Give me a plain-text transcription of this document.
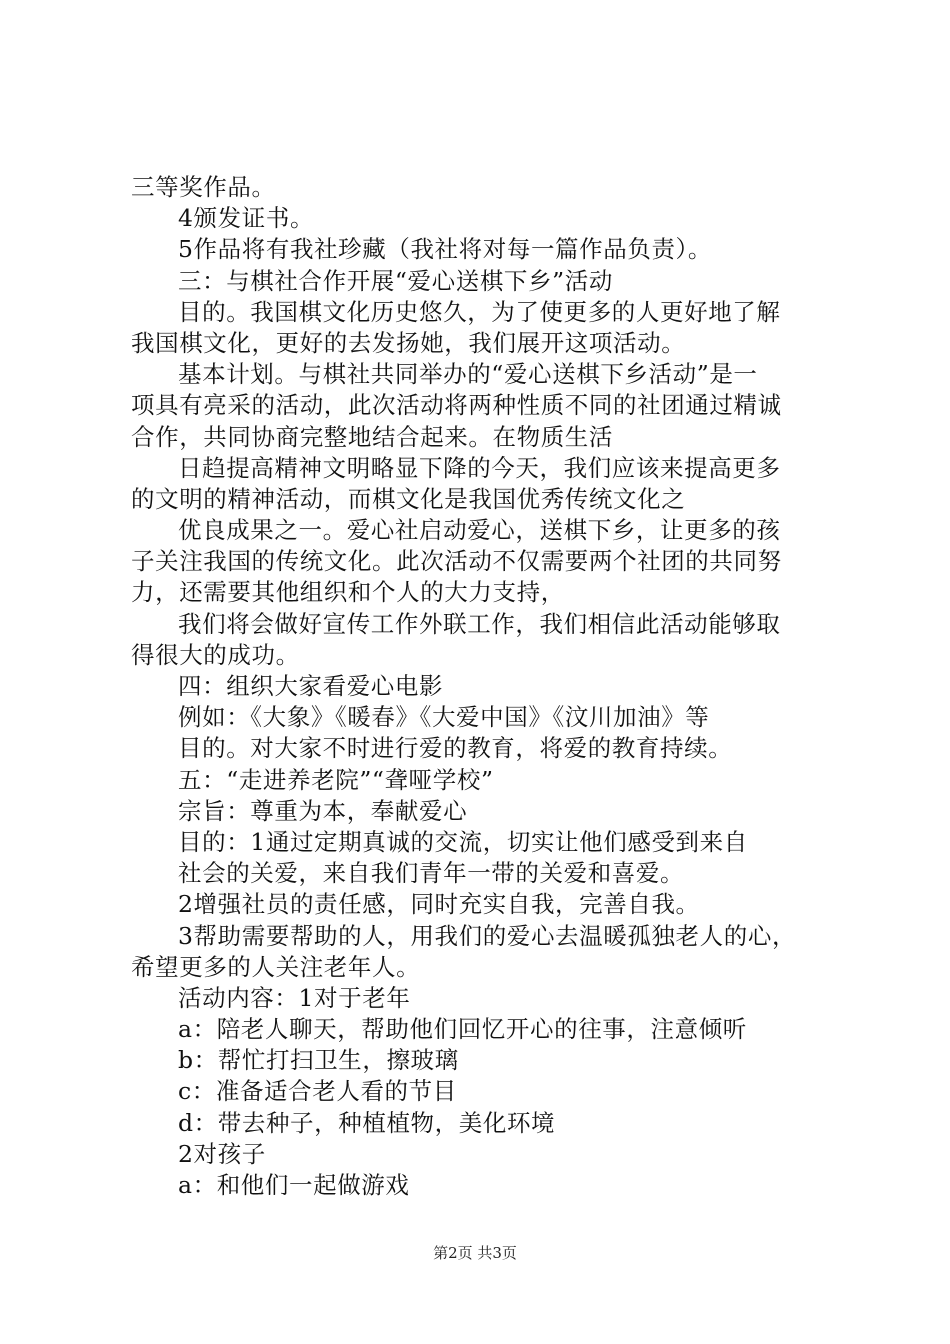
三等奖作品。
4颁发证书。
5作品将有我社珍藏（我社将对每一篇作品负责）。
三：与棋社合作开展“爱心送棋下乡”活动
目的。我国棋文化历史悠久，为了使更多的人更好地了解
我国棋文化，更好的去发扬她，我们展开这项活动。
基本计划。与棋社共同举办的“爱心送棋下乡活动”是一
项具有亮采的活动，此次活动将两种性质不同的社团通过精诚
合作，共同协商完整地结合起来。在物质生活
日趋提高精神文明略显下降的今天，我们应该来提高更多
的文明的精神活动，而棋文化是我国优秀传统文化之
优良成果之一。爱心社启动爱心，送棋下乡，让更多的孩
子关注我国的传统文化。此次活动不仅需要两个社团的共同努
力，还需要其他组织和个人的大力支持，
我们将会做好宣传工作外联工作，我们相信此活动能够取
得很大的成功。
四：组织大家看爱心电影
例如：《大象》《暖春》《大爱中国》《汶川加油》等
目的。对大家不时进行爱的教育，将爱的教育持续。
五：“走进养老院”“聋哑学校”
宗旨：尊重为本，奉献爱心
目的：1通过定期真诚的交流，切实让他们感受到来自
社会的关爱，来自我们青年一带的关爱和喜爱。
2增强社员的责任感，同时充实自我，完善自我。
3帮助需要帮助的人，用我们的爱心去温暖孤独老人的心，
希望更多的人关注老年人。
活动内容：1对于老年
a：陪老人聊天，帮助他们回忆开心的往事，注意倾听
b：帮忙打扫卫生，擦玻璃
c：准备适合老人看的节目
d：带去种子，种植植物，美化环境
2对孩子
a：和他们一起做游戏
第2页 共3页
